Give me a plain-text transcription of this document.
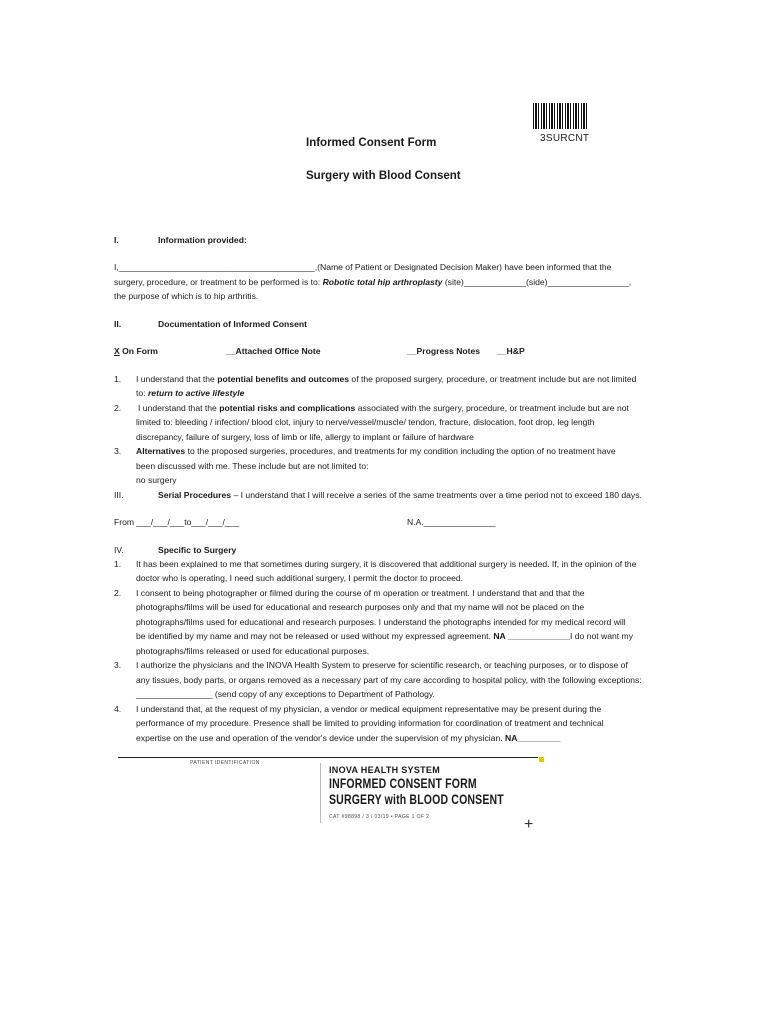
3SURCNT
Informed Consent Form
Surgery with Blood Consent
I.	Information provided:
I,_________________________________________,(Name of Patient or Designated Decision Maker) have been informed that the
surgery, procedure, or treatment to be performed is to: Robotic total hip arthroplasty (site)_____________(side)_________________,
the purpose of which is to hip arthritis.
II.	Documentation of Informed Consent
X On Form	__Attached Office Note	__Progress Notes __H&P
1. I understand that the potential benefits and outcomes of the proposed surgery, procedure, or treatment include but are not limited
to: return to active lifestyle
2. I understand that the potential risks and complications associated with the surgery, procedure, or treatment include but are not
limited to: bleeding / infection/ blood clot, injury to nerve/vessel/muscle/ tendon, fracture, dislocation, foot drop, leg length
discrepancy, failure of surgery, loss of limb or life, allergy to implant or failure of hardware
3. Alternatives to the proposed surgeries, procedures, and treatments for my condition including the option of no treatment have
been discussed with me. These include but are not limited to:
no surgery
III.	Serial Procedures – I understand that I will receive a series of the same treatments over a time period not to exceed 180 days.
From ___/___/___to___/___/___	N.A._______________
IV.	Specific to Surgery
1. It has been explained to me that sometimes during surgery, it is discovered that additional surgery is needed. If, in the opinion of the
doctor who is operating, I need such additional surgery, I permit the doctor to proceed.
2. I consent to being photographer or filmed during the course of m operation or treatment. I understand that and that the
photographs/films will be used for educational and research purposes only and that my name will not be placed on the
photographs/films used for educational and research purposes. I understand the photographs intended for my medical record will
be identified by my name and may not be released or used without my expressed agreement. NA _____________I do not want my
photographs/films released or used for educational purposes.
3. I authorize the physicians and the INOVA Health System to preserve for scientific research, or teaching purposes, or to dispose of
any tissues, body parts, or organs removed as a necessary part of my care according to hospital policy, with the following exceptions:
________________ (send copy of any exceptions to Department of Pathology.
4. I understand that, at the request of my physician, a vendor or medical equipment representative may be present during the
performance of my procedure. Presence shall be limited to providing information for coordination of treatment and technical
expertise on the use and operation of the vendor's device under the supervision of my physician. NA_________
PATIENT IDENTIFICATION
INOVA HEALTH SYSTEM
INFORMED CONSENT FORM
SURGERY with BLOOD CONSENT
CAT #98898 / 3 / 03/19 • PAGE 1 OF 2	+
